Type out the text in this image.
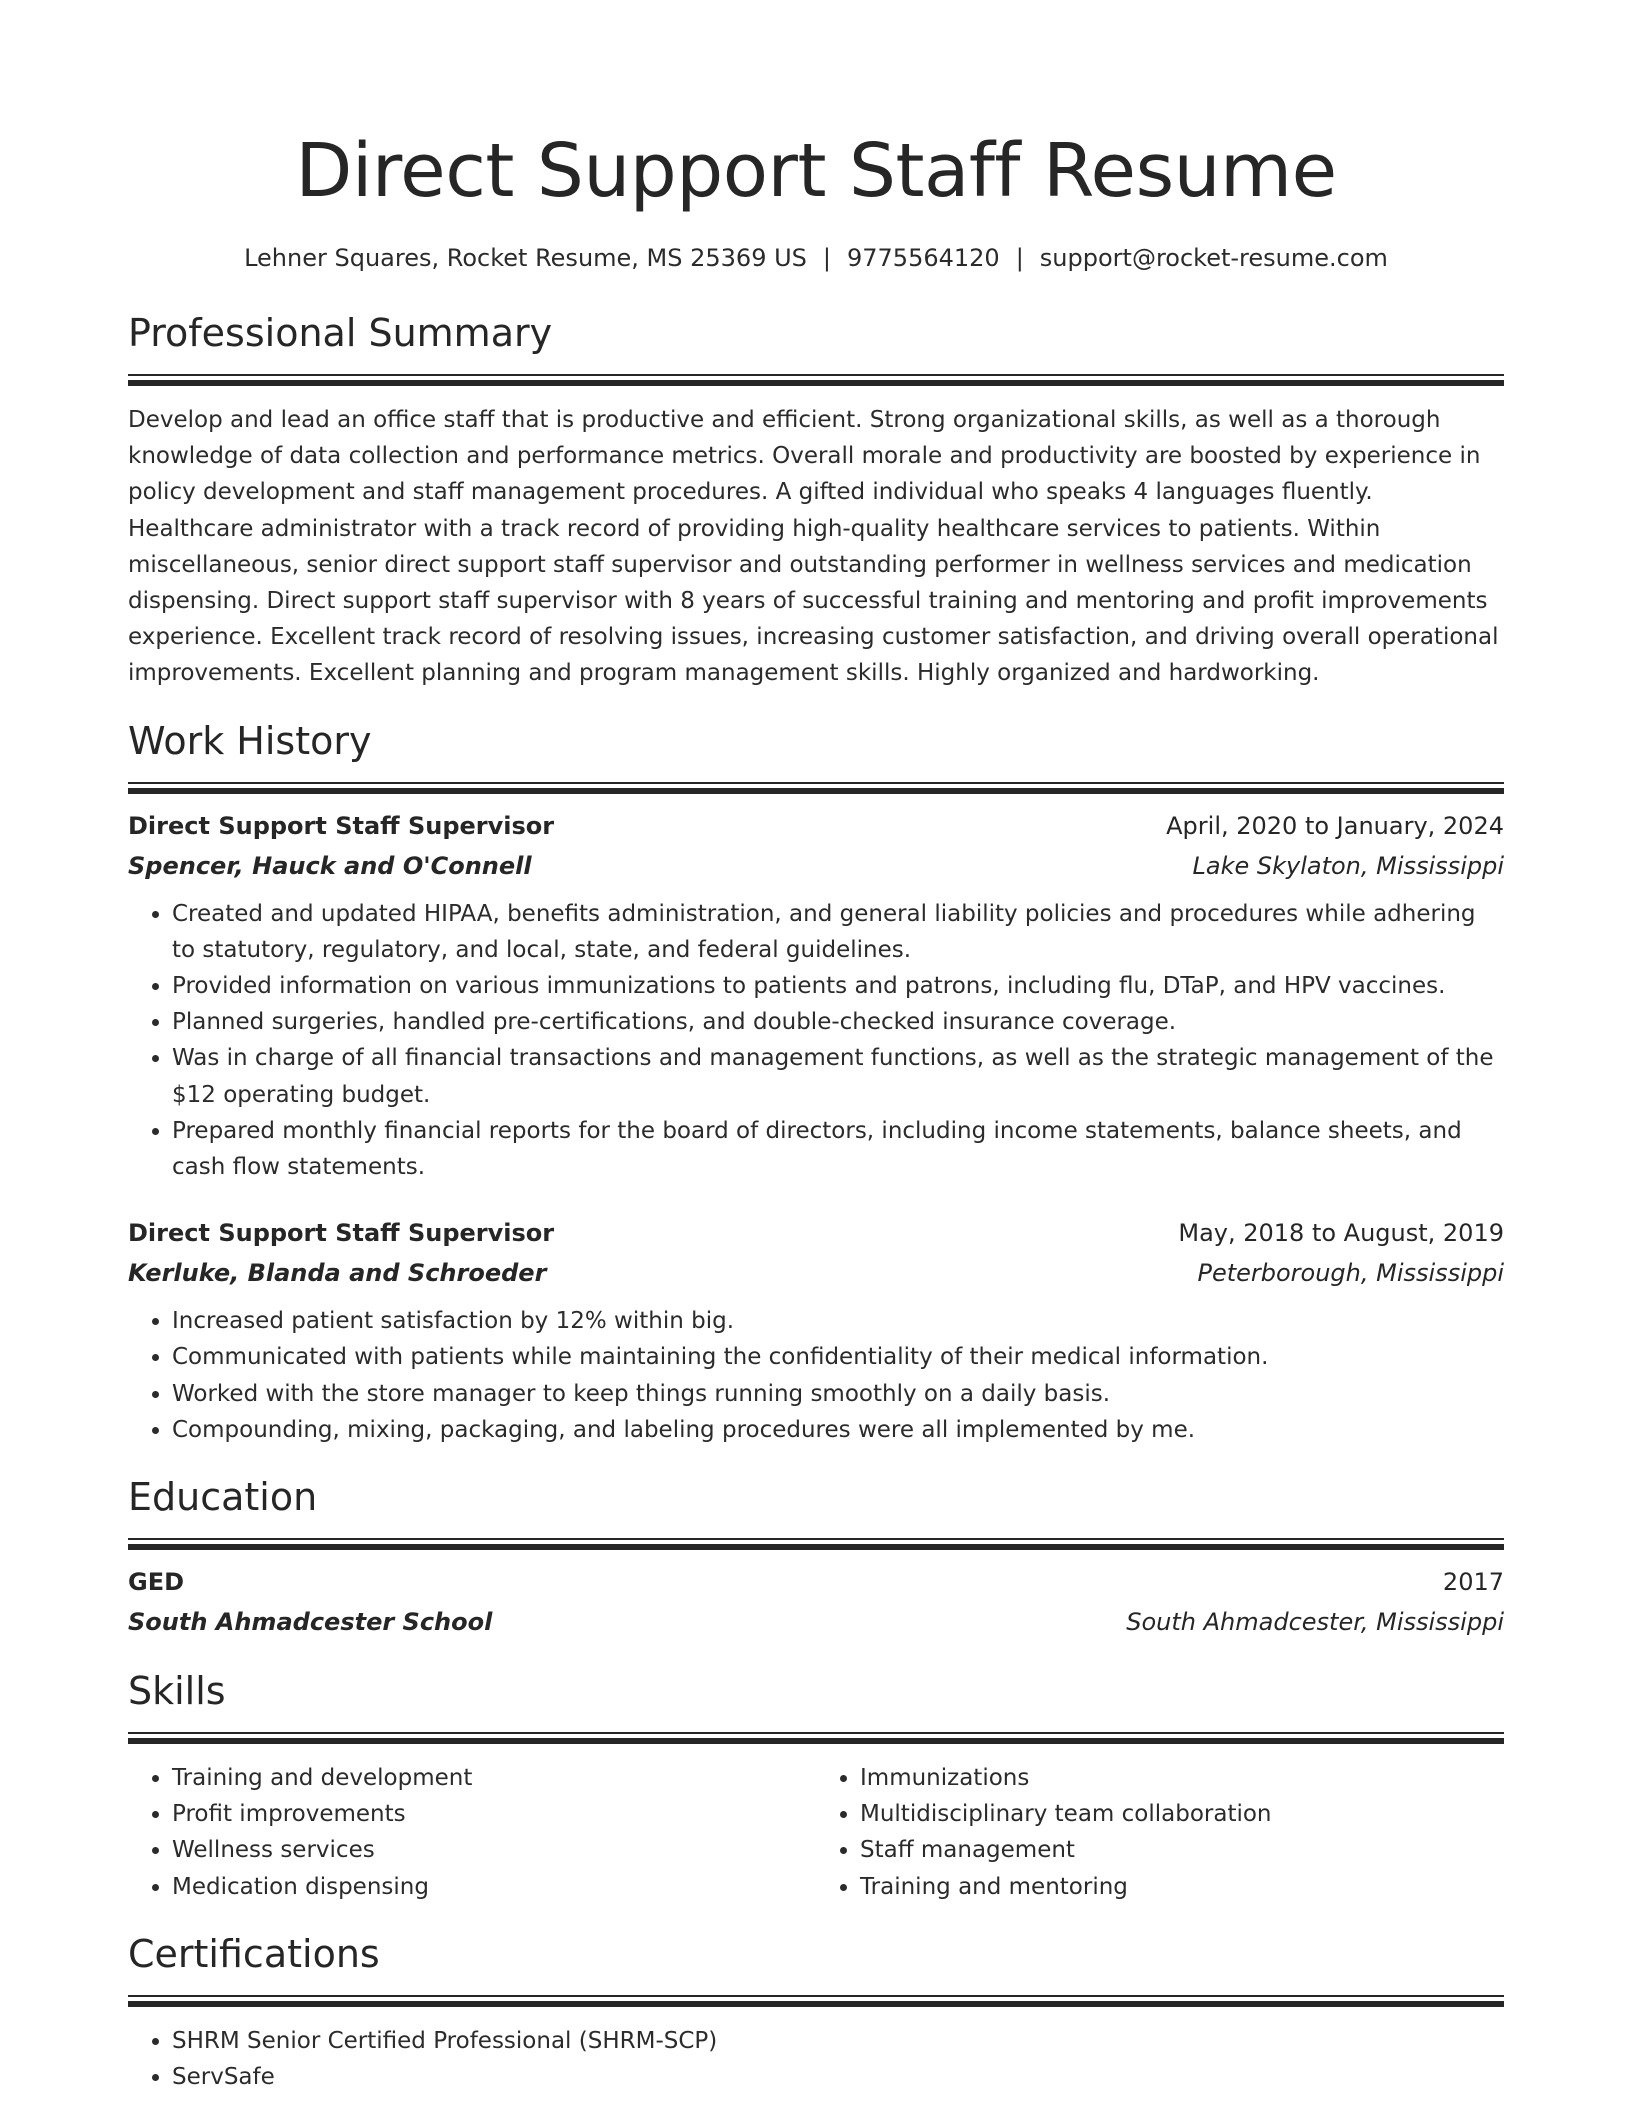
Direct Support Staff Resume
Lehner Squares, Rocket Resume, MS 25369 US | 9775564120 | support@rocket-resume.com
Professional Summary

Develop and lead an office staff that is productive and efficient. Strong organizational skills, as well as a thorough knowledge of data collection and performance metrics. Overall morale and productivity are boosted by experience in policy development and staff management procedures. A gifted individual who speaks 4 languages fluently. Healthcare administrator with a track record of providing high-quality healthcare services to patients. Within miscellaneous, senior direct support staff supervisor and outstanding performer in wellness services and medication dispensing. Direct support staff supervisor with 8 years of successful training and mentoring and profit improvements experience. Excellent track record of resolving issues, increasing customer satisfaction, and driving overall operational improvements. Excellent planning and program management skills. Highly organized and hardworking.

Work History
Direct Support Staff Supervisor	April, 2020 to January, 2024
Spencer, Hauck and O'Connell	Lake Skylaton, Mississippi
• Created and updated HIPAA, benefits administration, and general liability policies and procedures while adhering to statutory, regulatory, and local, state, and federal guidelines.
• Provided information on various immunizations to patients and patrons, including flu, DTaP, and HPV vaccines.
• Planned surgeries, handled pre-certifications, and double-checked insurance coverage.
• Was in charge of all financial transactions and management functions, as well as the strategic management of the $12 operating budget.
• Prepared monthly financial reports for the board of directors, including income statements, balance sheets, and cash flow statements.
Direct Support Staff Supervisor	May, 2018 to August, 2019
Kerluke, Blanda and Schroeder	Peterborough, Mississippi
• Increased patient satisfaction by 12% within big.
• Communicated with patients while maintaining the confidentiality of their medical information.
• Worked with the store manager to keep things running smoothly on a daily basis.
• Compounding, mixing, packaging, and labeling procedures were all implemented by me.
Education
GED	2017
South Ahmadcester School	South Ahmadcester, Mississippi
Skills
• Training and development
• Profit improvements
• Wellness services
• Medication dispensing
• Immunizations
• Multidisciplinary team collaboration
• Staff management
• Training and mentoring
Certifications
• SHRM Senior Certified Professional (SHRM-SCP)
• ServSafe
